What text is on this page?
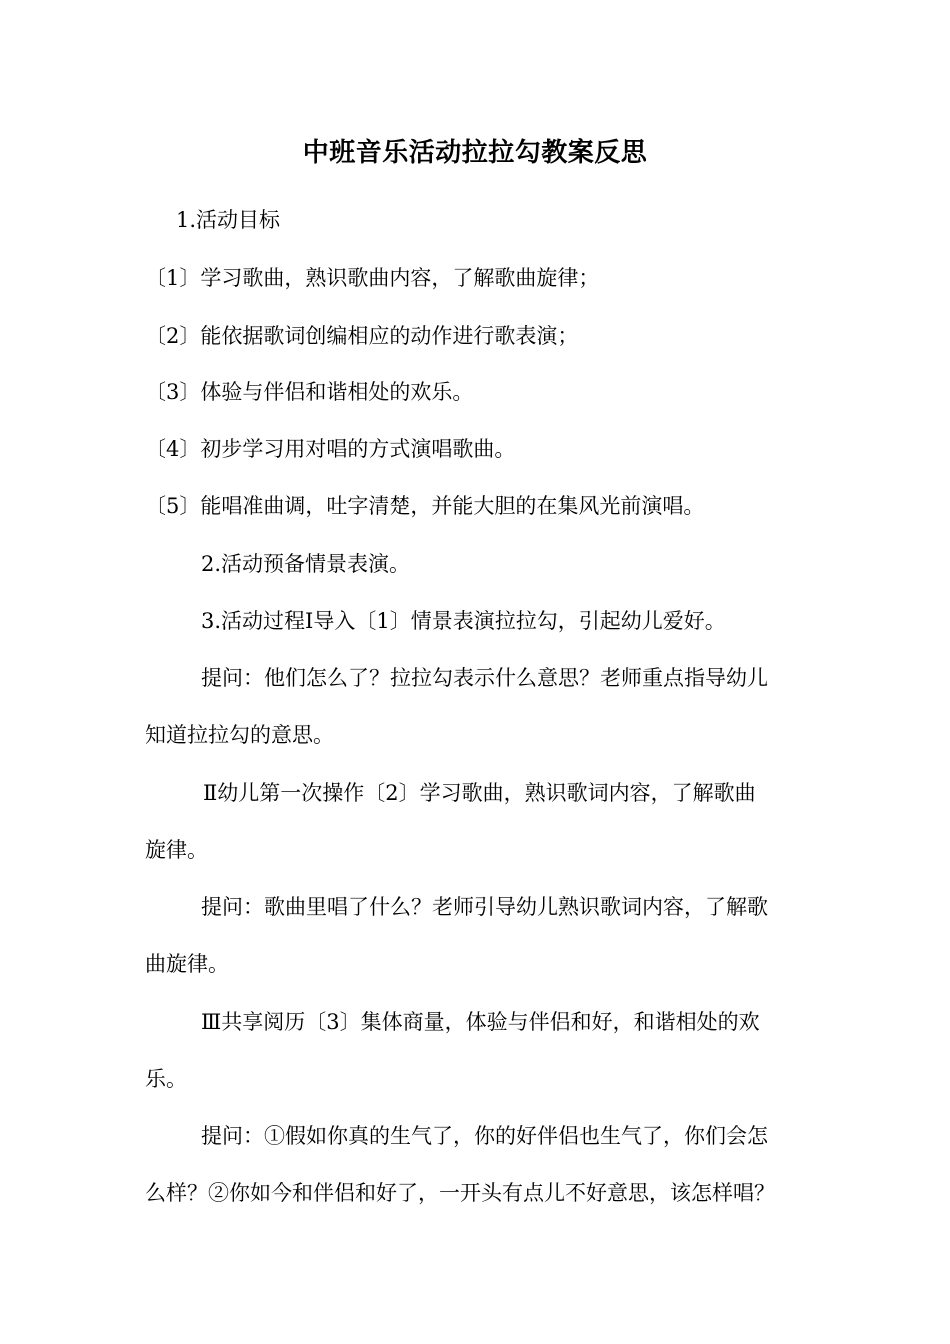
中班音乐活动拉拉勾教案反思
1.活动目标
〔1〕学习歌曲，熟识歌曲内容，了解歌曲旋律；
〔2〕能依据歌词创编相应的动作进行歌表演；
〔3〕体验与伴侣和谐相处的欢乐。
〔4〕初步学习用对唱的方式演唱歌曲。
〔5〕能唱准曲调，吐字清楚，并能大胆的在集风光前演唱。
2.活动预备情景表演。
3.活动过程Ⅰ导入〔1〕情景表演拉拉勾，引起幼儿爱好。
提问：他们怎么了？拉拉勾表示什么意思？老师重点指导幼儿
知道拉拉勾的意思。
Ⅱ幼儿第一次操作〔2〕学习歌曲，熟识歌词内容，了解歌曲
旋律。
提问：歌曲里唱了什么？老师引导幼儿熟识歌词内容，了解歌
曲旋律。
Ⅲ共享阅历〔3〕集体商量，体验与伴侣和好，和谐相处的欢
乐。
提问：①假如你真的生气了，你的好伴侣也生气了，你们会怎
么样？②你如今和伴侣和好了，一开头有点儿不好意思，该怎样唱？
